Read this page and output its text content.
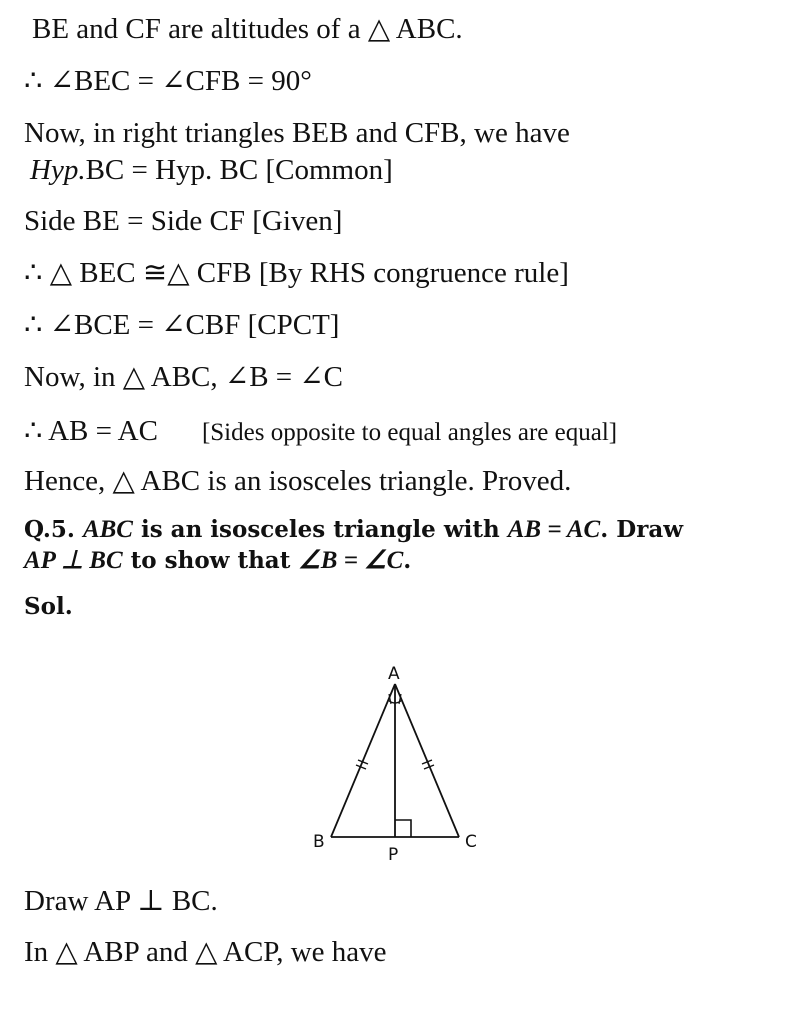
BE and CF are altitudes of a △ ABC.
∴ ∠BEC = ∠CFB = 90°
Now, in right triangles BEB and CFB, we have
Hyp.BC = Hyp. BC [Common]
Side BE = Side CF [Given]
∴ △ BEC ≅△ CFB [By RHS congruence rule]
∴ ∠BCE = ∠CBF [CPCT]
Now, in △ ABC, ∠B = ∠C
∴ AB = AC [Sides opposite to equal angles are equal]
Hence, △ ABC is an isosceles triangle. Proved.
Q.5. ABC is an isosceles triangle with AB = AC. Draw
AP ⊥ BC to show that ∠B = ∠C.
Sol.
A
B	C
P
Draw AP ⊥ BC.
In △ ABP and △ ACP, we have
